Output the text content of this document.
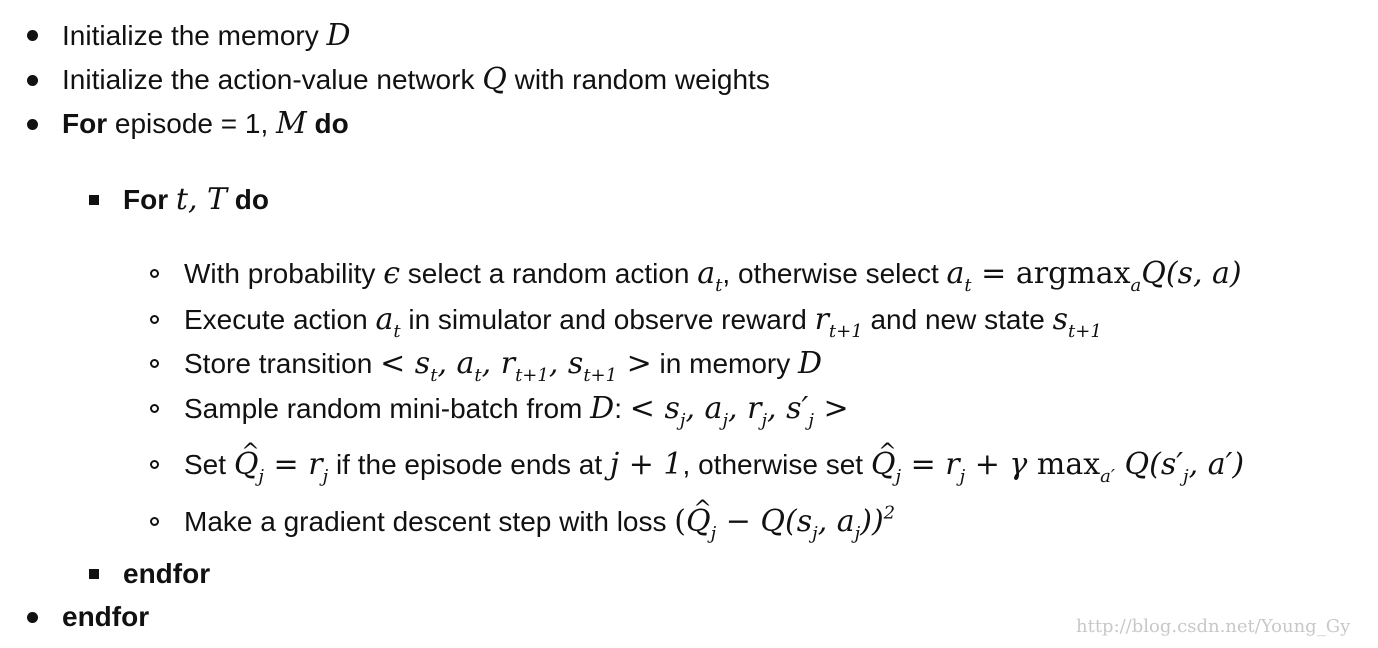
Initialize the memory D
Initialize the action-value network Q with random weights
For episode = 1, M do
For t, T do
With probability ϵ select a random action $a_t$, otherwise select $a_t = argmax_aQ(s$, a)
Execute action $a_t$ in simulator and observe reward $r_{t+1}$ and new state $s_{t+1}$
Store transition < $s_t$, $a_t$, $r_{t+1}$, $s_{t+1}$ > in memory D
Sample random mini-batch from D: < $s_j$, $a_j$, $r_j$, $s'_j$ >
Set ^ $Q_j = r_j$ if the episode ends at j + 1, otherwise set ^ $Q_j = r_j + \gamma$ $\max_{a'} Q(s'_j$, a′)
Make a gradient descent step with loss (^ $Q_j - Q(s_j$, $a_j))^2$
endfor
endfor	http://blog.csdn.net/Young_Gy
